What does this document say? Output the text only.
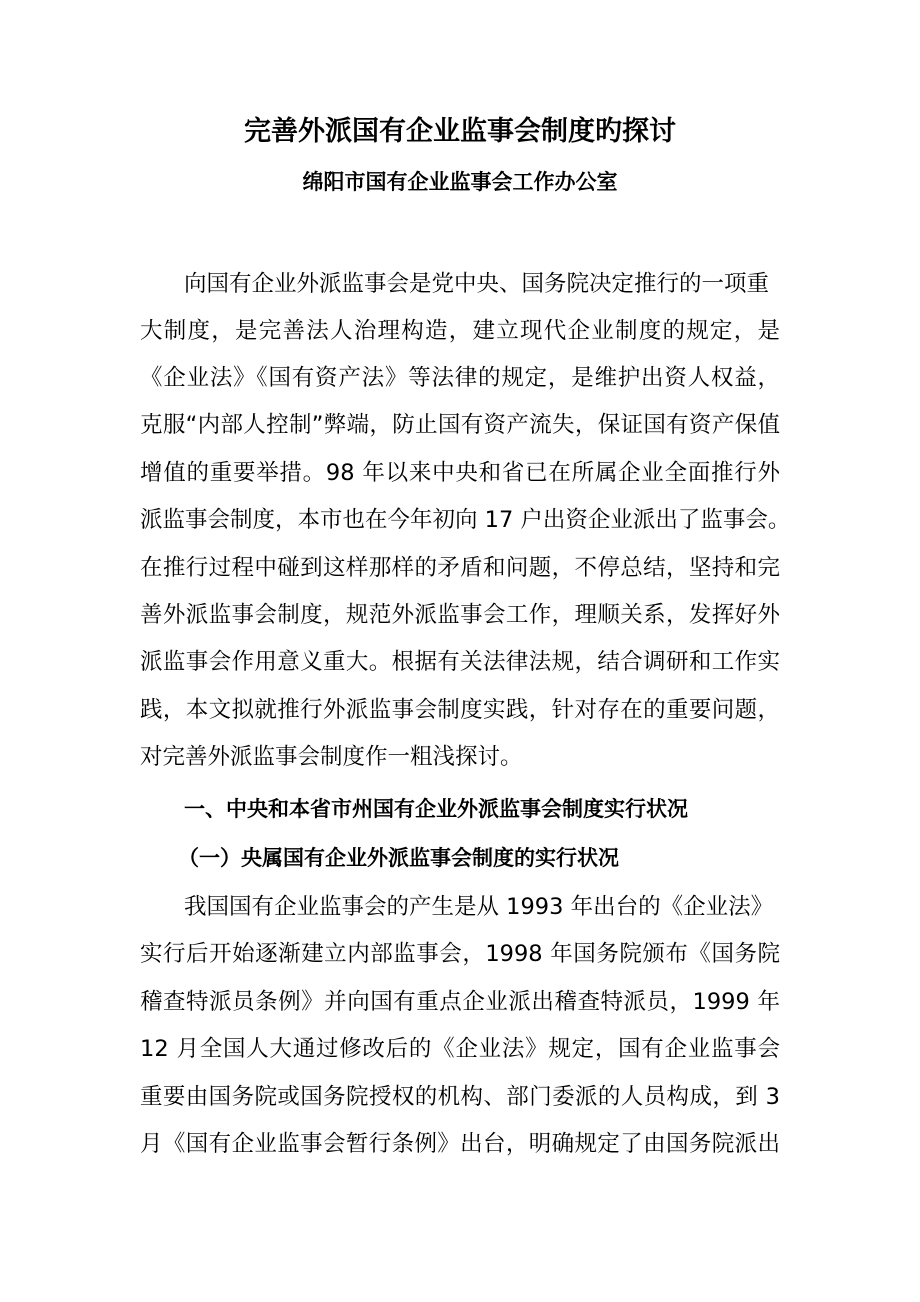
完善外派国有企业监事会制度旳探讨
绵阳市国有企业监事会工作办公室
向国有企业外派监事会是党中央、国务院决定推行的一项重
大制度，是完善法人治理构造，建立现代企业制度的规定，是
《企业法》《国有资产法》等法律的规定，是维护出资人权益，
克服“内部人控制”弊端，防止国有资产流失，保证国有资产保值
增值的重要举措。98 年以来中央和省已在所属企业全面推行外
派监事会制度，本市也在今年初向 17 户出资企业派出了监事会。
在推行过程中碰到这样那样的矛盾和问题，不停总结，坚持和完
善外派监事会制度，规范外派监事会工作，理顺关系，发挥好外
派监事会作用意义重大。根据有关法律法规，结合调研和工作实
践，本文拟就推行外派监事会制度实践，针对存在的重要问题，
对完善外派监事会制度作一粗浅探讨。
一、中央和本省市州国有企业外派监事会制度实行状况
（一）央属国有企业外派监事会制度的实行状况
我国国有企业监事会的产生是从 1993 年出台的《企业法》
实行后开始逐渐建立内部监事会，1998 年国务院颁布《国务院
稽查特派员条例》并向国有重点企业派出稽查特派员，1999 年
12 月全国人大通过修改后的《企业法》规定，国有企业监事会
重要由国务院或国务院授权的机构、部门委派的人员构成，到 3
月《国有企业监事会暂行条例》出台，明确规定了由国务院派出
